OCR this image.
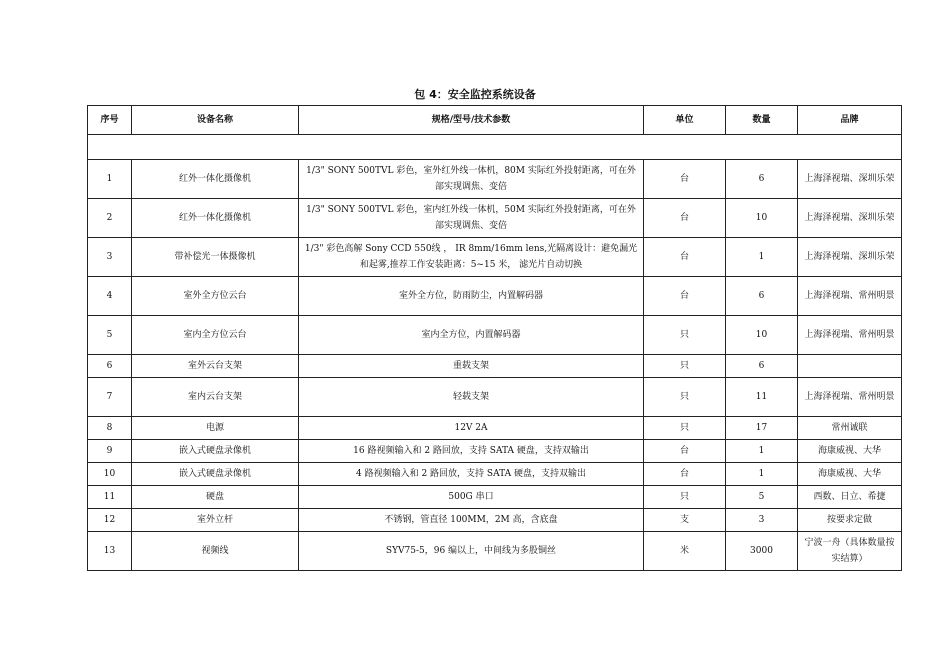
包 4：安全监控系统设备
序号	设备名称	规格/型号/技术参数	单位	数量	品牌

1	红外一体化摄像机	1/3" SONY 500TVL 彩色，室外红外线一体机，80M 实际红外投射距离，可在外部实现调焦、变倍	台	6	上海泽视瑞、深圳乐荣
2	红外一体化摄像机	1/3" SONY 500TVL 彩色，室内红外线一体机，50M 实际红外投射距离，可在外部实现调焦、变倍	台	10	上海泽视瑞、深圳乐荣
3	带补偿光一体摄像机	1/3" 彩色高解 Sony CCD 550线 ， IR 8mm/16mm lens,光隔离设计：避免漏光和起雾,推荐工作安装距离：5~15 米， 滤光片自动切换	台	1	上海泽视瑞、深圳乐荣
4	室外全方位云台	室外全方位，防雨防尘，内置解码器	台	6	上海泽视瑞、常州明景
5	室内全方位云台	室内全方位，内置解码器	只	10	上海泽视瑞、常州明景
6	室外云台支架	重载支架	只	6	
7	室内云台支架	轻载支架	只	11	上海泽视瑞、常州明景
8	电源	12V 2A	只	17	常州诚联
9	嵌入式硬盘录像机	16 路视频输入和 2 路回放，支持 SATA 硬盘，支持双输出	台	1	海康威视、大华
10	嵌入式硬盘录像机	4 路视频输入和 2 路回放，支持 SATA 硬盘，支持双输出	台	1	海康威视、大华
11	硬盘	500G 串口	只	5	西数、日立、希捷
12	室外立杆	不锈钢，管直径 100MM，2M 高，含底盘	支	3	按要求定做
13	视频线	SYV75-5，96 编以上，中间线为多股铜丝	米	3000	宁波一舟（具体数量按实结算）
